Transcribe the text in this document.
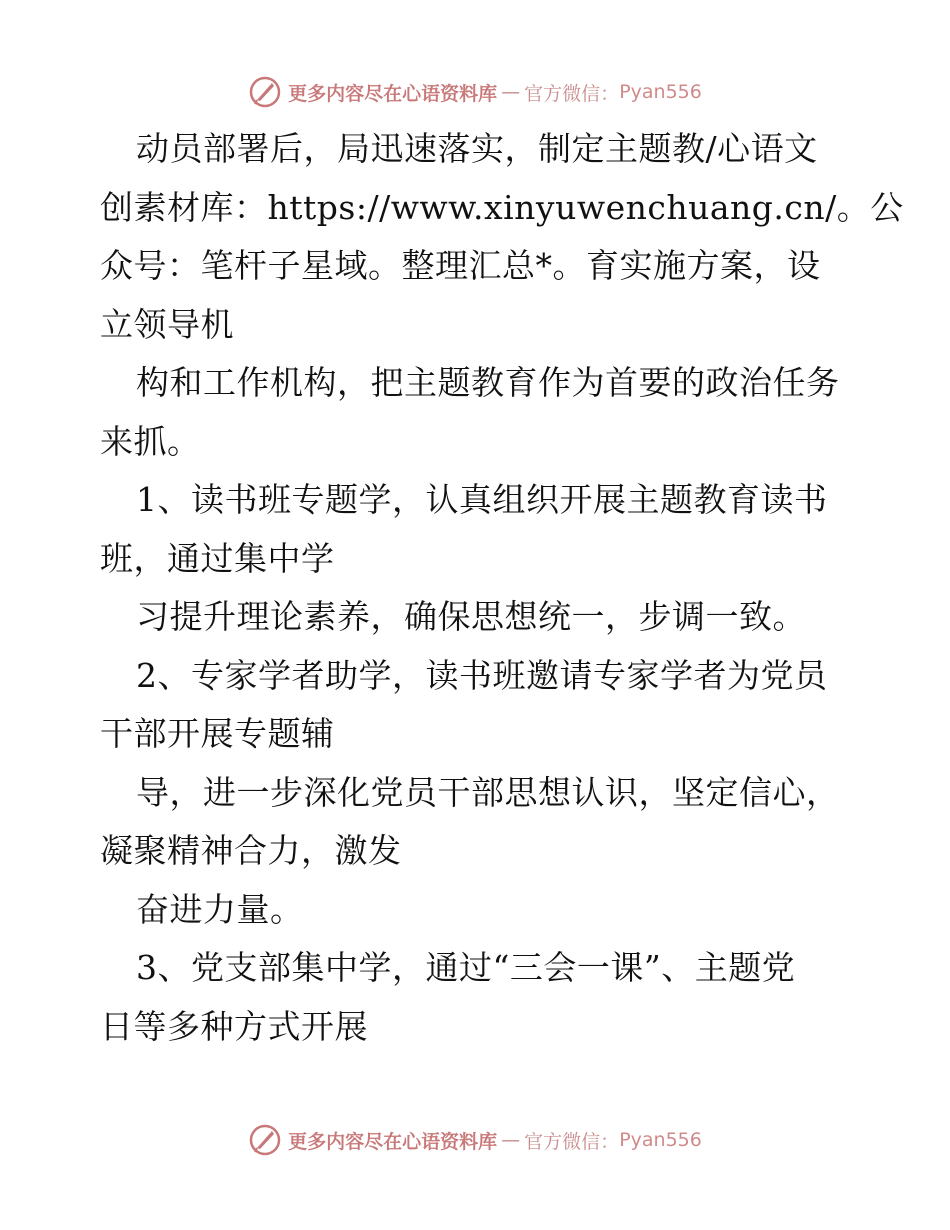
更多内容尽在心语资料库 — 官方微信： Pyan556
动员部署后，局迅速落实，制定主题教/心语文
创素材库：https://www.xinyuwenchuang.cn/。公
众号：笔杆子星域。整理汇总*。育实施方案，设
立领导机
构和工作机构，把主题教育作为首要的政治任务
来抓。
1、读书班专题学，认真组织开展主题教育读书
班，通过集中学
习提升理论素养，确保思想统一，步调一致。
2、专家学者助学，读书班邀请专家学者为党员
干部开展专题辅
导，进一步深化党员干部思想认识，坚定信心，
凝聚精神合力，激发
奋进力量。
3、党支部集中学，通过“三会一课”、主题党
日等多种方式开展
更多内容尽在心语资料库 — 官方微信： Pyan556
